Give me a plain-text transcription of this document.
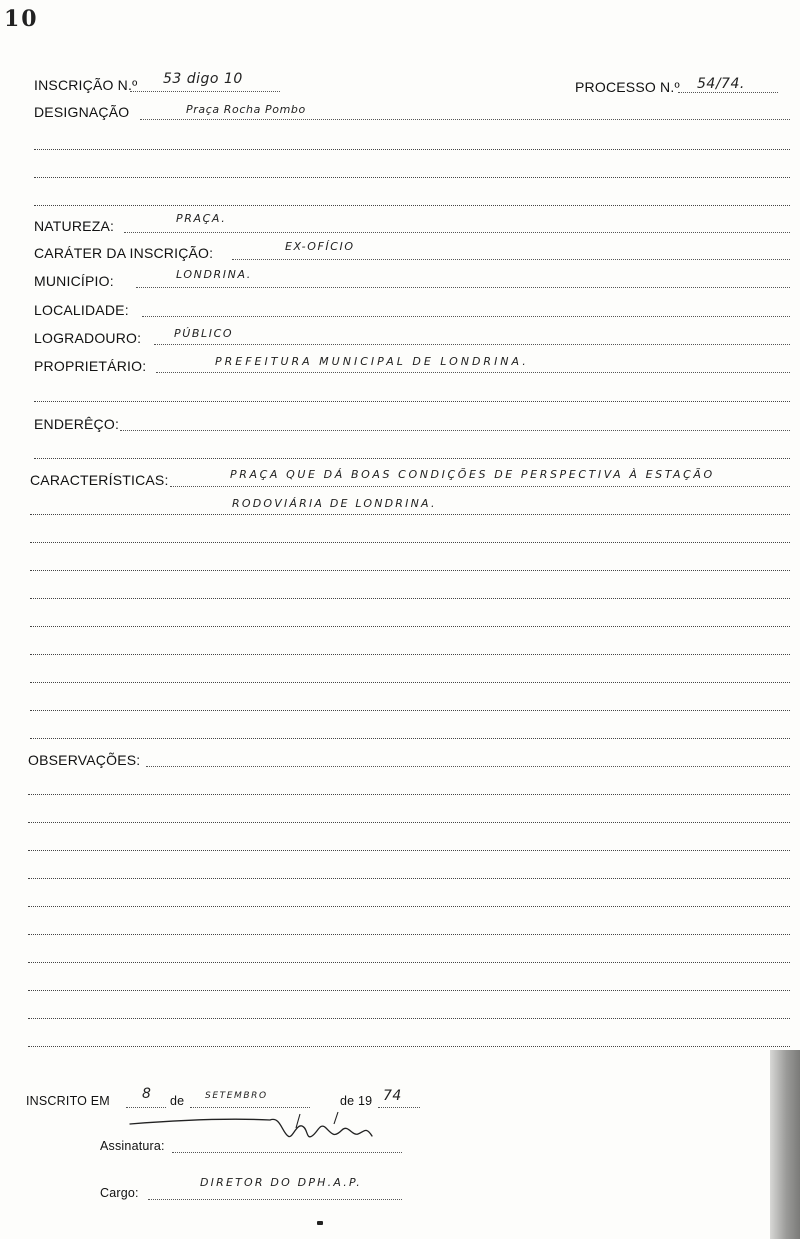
10
INSCRIÇÃO N.º 53 digo 10	PROCESSO N.º 54/74.
DESIGNAÇÃO	Praça Rocha Pombo
NATUREZA:	PRAÇA.
CARÁTER DA INSCRIÇÃO:	EX-OFÍCIO
MUNICÍPIO:	LONDRINA.
LOCALIDADE:
LOGRADOURO:	PÚBLICO
PROPRIETÁRIO:	PREFEITURA MUNICIPAL DE LONDRINA.
ENDERÊÇO:
CARACTERÍSTICAS:	PRAÇA QUE DÁ BOAS CONDIÇÕES DE PERSPECTIVA À ESTAÇÃO
RODOVIÁRIA DE LONDRINA.
OBSERVAÇÕES:
INSCRITO EM 8 de SETEMBRO	de 19 74
Assinatura:
Cargo:
DIRETOR DO DPH.A.P.
